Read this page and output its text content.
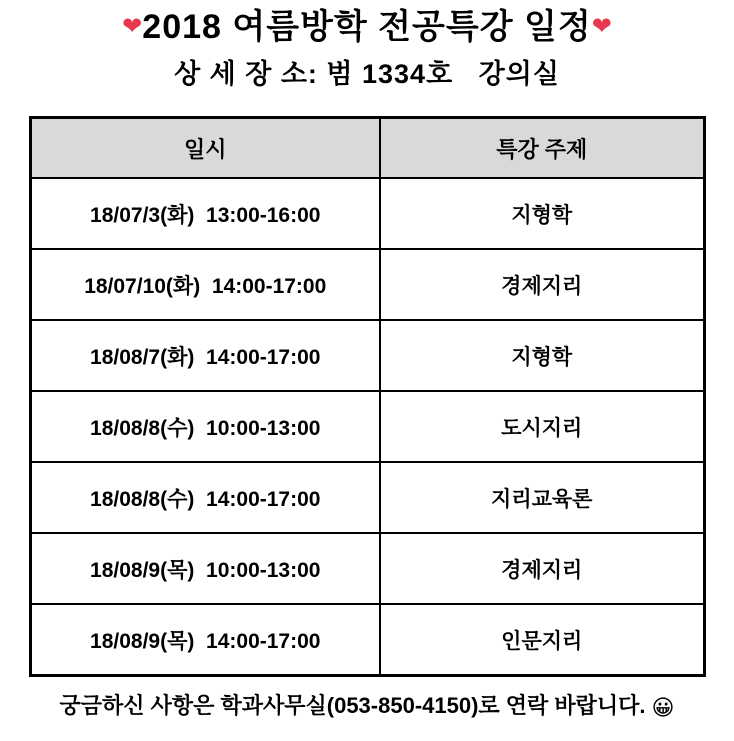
❤2018 여름방학 전공특강 일정❤
상 세 장 소: 범 1334호   강의실
일시	특강 주제
18/07/3(화)  13:00-16:00	지형학
18/07/10(화)  14:00-17:00	경제지리
18/08/7(화)  14:00-17:00	지형학
18/08/8(수)  10:00-13:00	도시지리
18/08/8(수)  14:00-17:00	지리교육론
18/08/9(목)  10:00-13:00	경제지리
18/08/9(목)  14:00-17:00	인문지리
궁금하신 사항은 학과사무실(053-850-4150)로 연락 바랍니다. 😀
